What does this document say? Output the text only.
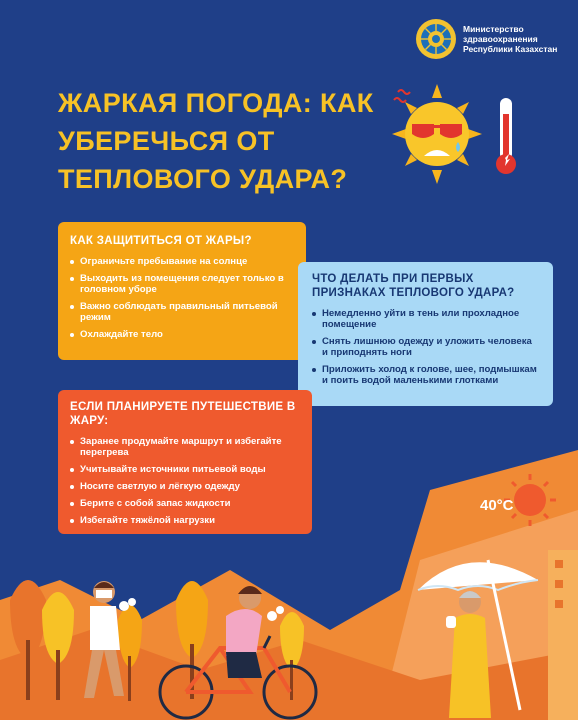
Министерство
здравоохранения
Республики Казахстан
ЖАРКАЯ ПОГОДА: КАК
УБЕРЕЧЬСЯ ОТ
ТЕПЛОВОГО УДАРА?
40°C
КАК ЗАЩИТИТЬСЯ ОТ ЖАРЫ?
Ограничьте пребывание на солнце
Выходить из помещения следует только в головном уборе
Важно соблюдать правильный питьевой режим
Охлаждайте тело
ЧТО ДЕЛАТЬ ПРИ ПЕРВЫХ ПРИЗНАКАХ ТЕПЛОВОГО УДАРА?
Немедленно уйти в тень или прохладное помещение
Снять лишнюю одежду и уложить человека и приподнять ноги
Приложить холод к голове, шее, подмышкам и поить водой маленькими глотками
ЕСЛИ ПЛАНИРУЕТЕ ПУТЕШЕСТВИЕ В ЖАРУ:
Заранее продумайте маршрут и избегайте перегрева
Учитывайте источники питьевой воды
Носите светлую и лёгкую одежду
Берите с собой запас жидкости
Избегайте тяжёлой нагрузки
